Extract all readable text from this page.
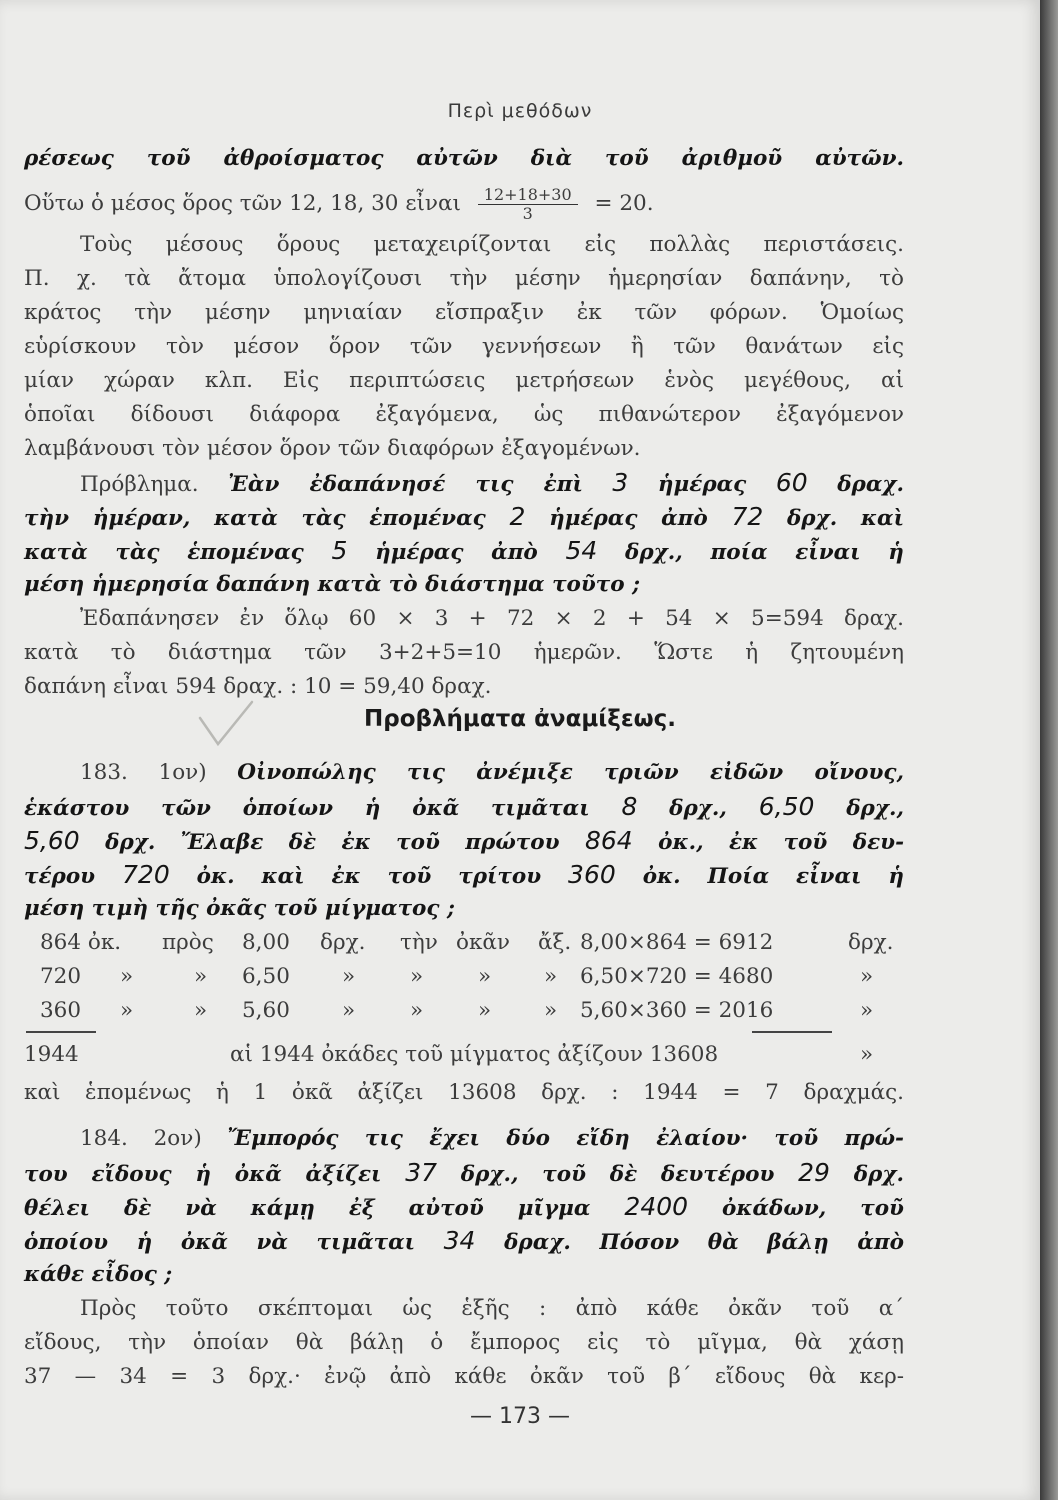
Περὶ μεθόδων
ρέσεως τοῦ ἀθροίσματος αὐτῶν διὰ τοῦ ἀριθμοῦ αὐτῶν.
Οὕτω ὁ μέσος ὅρος τῶν 12, 18, 30 εἶναι $\frac{12+18+30}{3} = 20$.
Τοὺς μέσους ὅρους μεταχειρίζονται εἰς πολλὰς περιστάσεις.
Π. χ. τὰ ἄτομα ὑπολογίζουσι τὴν μέσην ἡμερησίαν δαπάνην, τὸ
κράτος τὴν μέσην μηνιαίαν εἴσπραξιν ἐκ τῶν φόρων. Ὁμοίως
εὑρίσκουν τὸν μέσον ὅρον τῶν γεννήσεων ἢ τῶν θανάτων εἰς
μίαν χώραν κλπ. Εἰς περιπτώσεις μετρήσεων ἑνὸς μεγέθους, αἱ
ὁποῖαι δίδουσι διάφορα ἐξαγόμενα, ὡς πιθανώτερον ἐξαγόμενον
λαμβάνουσι τὸν μέσον ὅρον τῶν διαφόρων ἐξαγομένων.
Πρόβλημα. Ἐὰν ἐδαπάνησέ τις ἐπὶ 3 ἡμέρας 60 δραχ.
τὴν ἡμέραν, κατὰ τὰς ἑπομένας 2 ἡμέρας ἀπὸ 72 δρχ. καὶ
κατὰ τὰς ἑπομένας 5 ἡμέρας ἀπὸ 54 δρχ., ποία εἶναι ἡ
μέση ἡμερησία δαπάνη κατὰ τὸ διάστημα τοῦτο ;
Ἐδαπάνησεν ἐν ὅλῳ 60 × 3 + 72 × 2 + 54 × 5=594 δραχ.
κατὰ τὸ διάστημα τῶν 3+2+5=10 ἡμερῶν. Ὥστε ἡ ζητουμένη
δαπάνη εἶναι 594 δραχ. : 10 = 59,40 δραχ.
Προβλήματα ἀναμίξεως.
183. 1ον) Οἰνοπώλης τις ἀνέμιξε τριῶν εἰδῶν οἴνους,
ἑκάστου τῶν ὁποίων ἡ ὀκᾶ τιμᾶται 8 δρχ., 6,50 δρχ.,
5,60 δρχ. Ἔλαβε δὲ ἐκ τοῦ πρώτου 864 ὀκ., ἐκ τοῦ δευ-
τέρου 720 ὀκ. καὶ ἐκ τοῦ τρίτου 360 ὀκ. Ποία εἶναι ἡ
μέση τιμὴ τῆς ὀκᾶς τοῦ μίγματος ;
864 ὀκ. πρὸς 8,00 δρχ. τὴν ὀκᾶν ἄξ. 8,00×864 = 6912	δρχ.
720 »	» 6,50 »	»	» » 6,50×720 = 4680	»
360 »	» 5,60 »	»	» » 5,60×360 = 2016	»
1944	αἱ 1944 ὀκάδες τοῦ μίγματος ἀξίζουν 13608	»
καὶ ἑπομένως ἡ 1 ὀκᾶ ἀξίζει 13608 δρχ. : 1944 = 7 δραχμάς.
184. 2ον) Ἔμπορός τις ἔχει δύο εἴδη ἐλαίου· τοῦ πρώ-
του εἴδους ἡ ὀκᾶ ἀξίζει 37 δρχ., τοῦ δὲ δευτέρου 29 δρχ.
θέλει δὲ νὰ κάμῃ ἐξ αὐτοῦ μῖγμα 2400 ὀκάδων, τοῦ
ὁποίου ἡ ὀκᾶ νὰ τιμᾶται 34 δραχ. Πόσον θὰ βάλῃ ἀπὸ
κάθε εἶδος ;
Πρὸς τοῦτο σκέπτομαι ὡς ἑξῆς : ἀπὸ κάθε ὀκᾶν τοῦ α´
εἴδους, τὴν ὁποίαν θὰ βάλῃ ὁ ἔμπορος εἰς τὸ μῖγμα, θὰ χάσῃ
37 — 34 = 3 δρχ.· ἐνῷ ἀπὸ κάθε ὀκᾶν τοῦ β´ εἴδους θὰ κερ-
— 173 —
